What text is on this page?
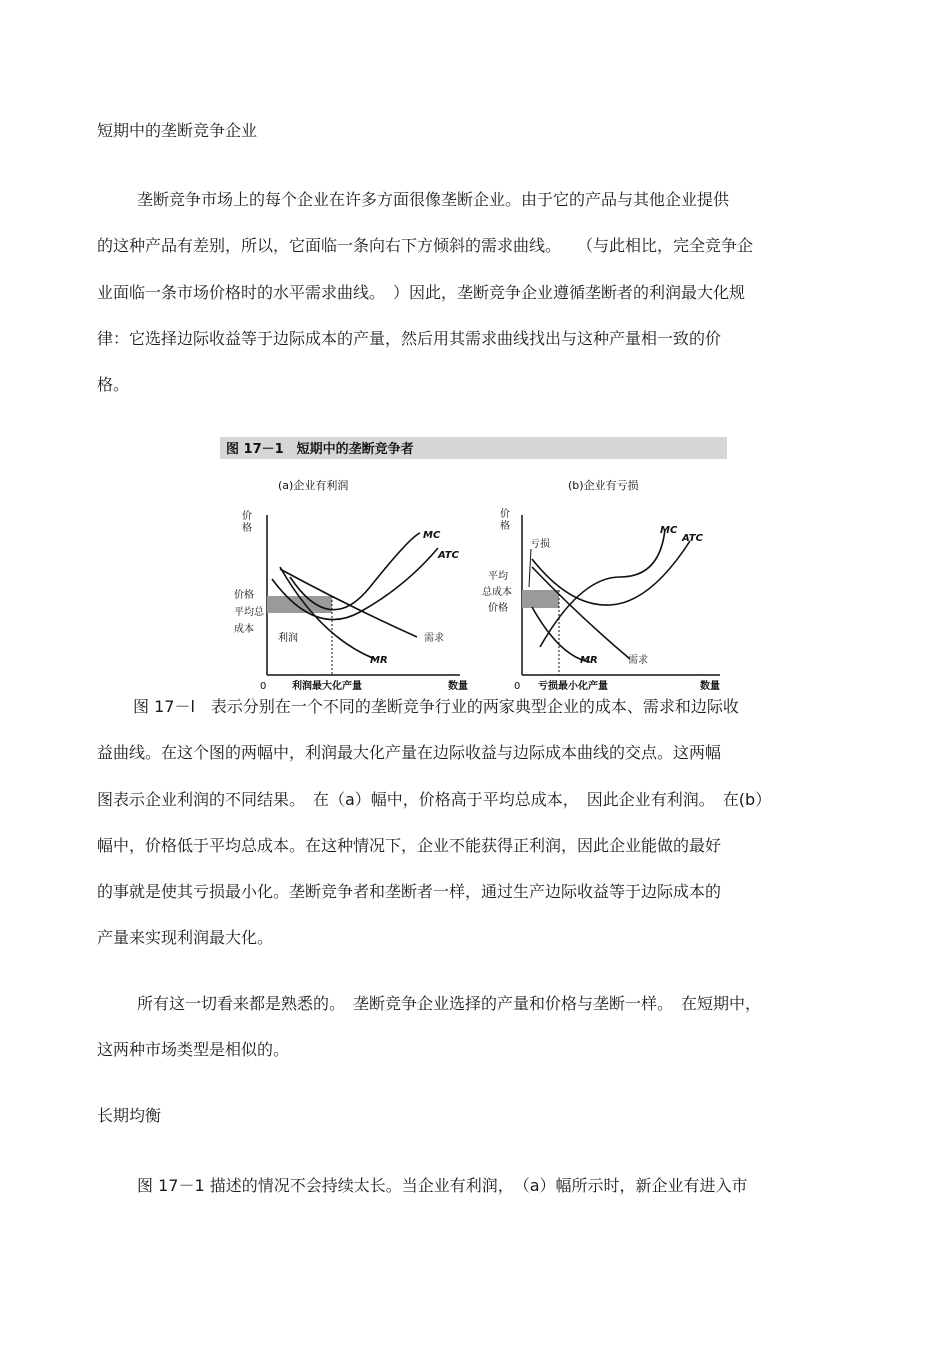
短期中的垄断竞争企业
垄断竞争市场上的每个企业在许多方面很像垄断企业。由于它的产品与其他企业提供
的这种产品有差别，所以，它面临一条向右下方倾斜的需求曲线。　　（与此相比，完全竞争企
业面临一条市场价格时的水平需求曲线。　）因此，垄断竞争企业遵循垄断者的利润最大化规
律：它选择边际收益等于边际成本的产量，然后用其需求曲线找出与这种产量相一致的价
格。
图 17－1　短期中的垄断竞争者
(a)企业有利润
价
格
MC
ATC
价格
平均总
成本
利润	需求
MR
0	利润最大化产量	数量
(b)企业有亏损
价
格	MC
ATC
亏损
平均
总成本
价格
MR	需求
0 亏损最小化产量	数量
图 17－l　表示分别在一个不同的垄断竞争行业的两家典型企业的成本、需求和边际收
益曲线。在这个图的两幅中，利润最大化产量在边际收益与边际成本曲线的交点。这两幅
图表示企业利润的不同结果。　在（a）幅中，价格高于平均总成本，　因此企业有利润。　在(b）
幅中，价格低于平均总成本。在这种情况下，企业不能获得正利润，因此企业能做的最好
的事就是使其亏损最小化。垄断竞争者和垄断者一样，通过生产边际收益等于边际成本的
产量来实现利润最大化。
所有这一切看来都是熟悉的。　垄断竞争企业选择的产量和价格与垄断一样。　在短期中，
这两种市场类型是相似的。
长期均衡
图 17－1 描述的情况不会持续太长。当企业有利润，　（a）幅所示时，新企业有进入市
